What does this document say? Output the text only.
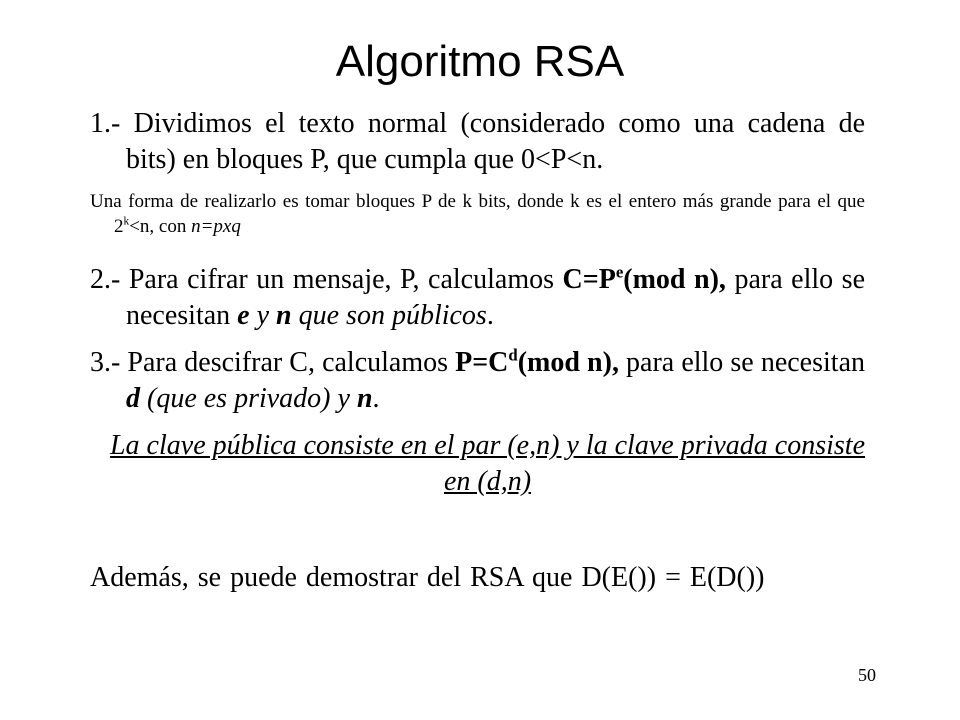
Algoritmo RSA

1.- Dividimos el texto normal (considerado como una cadena de bits) en bloques P, que cumpla que 0<P<n.

Una forma de realizarlo es tomar bloques P de k bits, donde k es el entero más grande para el que $2^k<n$, con n=pxq

2.- Para cifrar un mensaje, P, calculamos $C=P^e(mod$ n), para ello se necesitan e y n que son públicos.

3.- Para descifrar C, calculamos $P=C^d(mod$ n), para ello se necesitan d (que es privado) y n.

La clave pública consiste en el par (e,n) y la clave privada consiste en (d,n)

Además, se puede demostrar del RSA que D(E()) = E(D())

50
